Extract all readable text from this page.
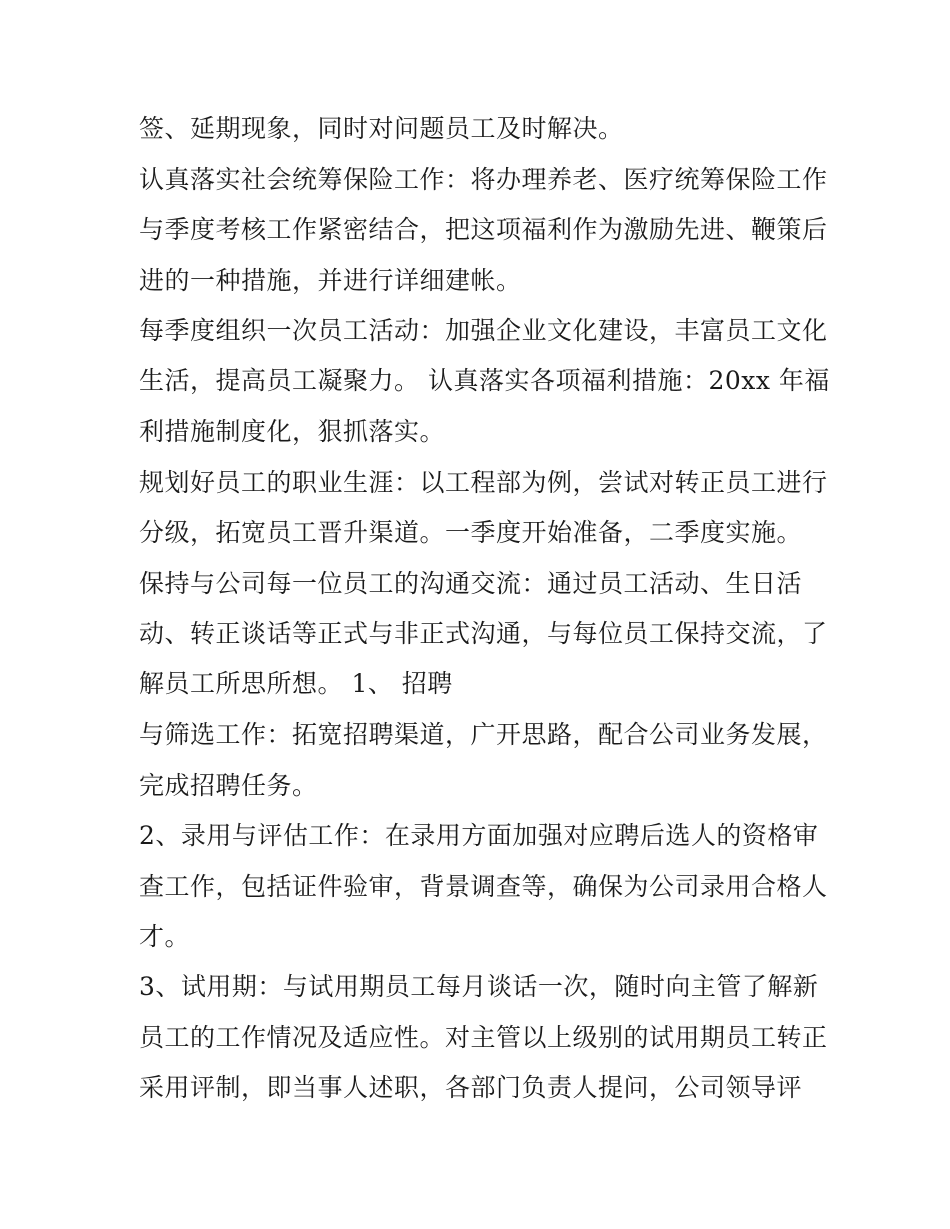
签、延期现象，同时对问题员工及时解决。
认真落实社会统筹保险工作：将办理养老、医疗统筹保险工作
与季度考核工作紧密结合，把这项福利作为激励先进、鞭策后
进的一种措施，并进行详细建帐。
每季度组织一次员工活动：加强企业文化建设，丰富员工文化
生活，提高员工凝聚力。 认真落实各项福利措施：20xx 年福
利措施制度化，狠抓落实。
规划好员工的职业生涯：以工程部为例，尝试对转正员工进行
分级，拓宽员工晋升渠道。一季度开始准备，二季度实施。
保持与公司每一位员工的沟通交流：通过员工活动、生日活
动、转正谈话等正式与非正式沟通，与每位员工保持交流，了
解员工所思所想。 1、 招聘
与筛选工作：拓宽招聘渠道，广开思路，配合公司业务发展，
完成招聘任务。
2、录用与评估工作：在录用方面加强对应聘后选人的资格审
查工作，包括证件验审，背景调查等，确保为公司录用合格人
才。
3、试用期：与试用期员工每月谈话一次，随时向主管了解新
员工的工作情况及适应性。对主管以上级别的试用期员工转正
采用评制，即当事人述职，各部门负责人提问，公司领导评
